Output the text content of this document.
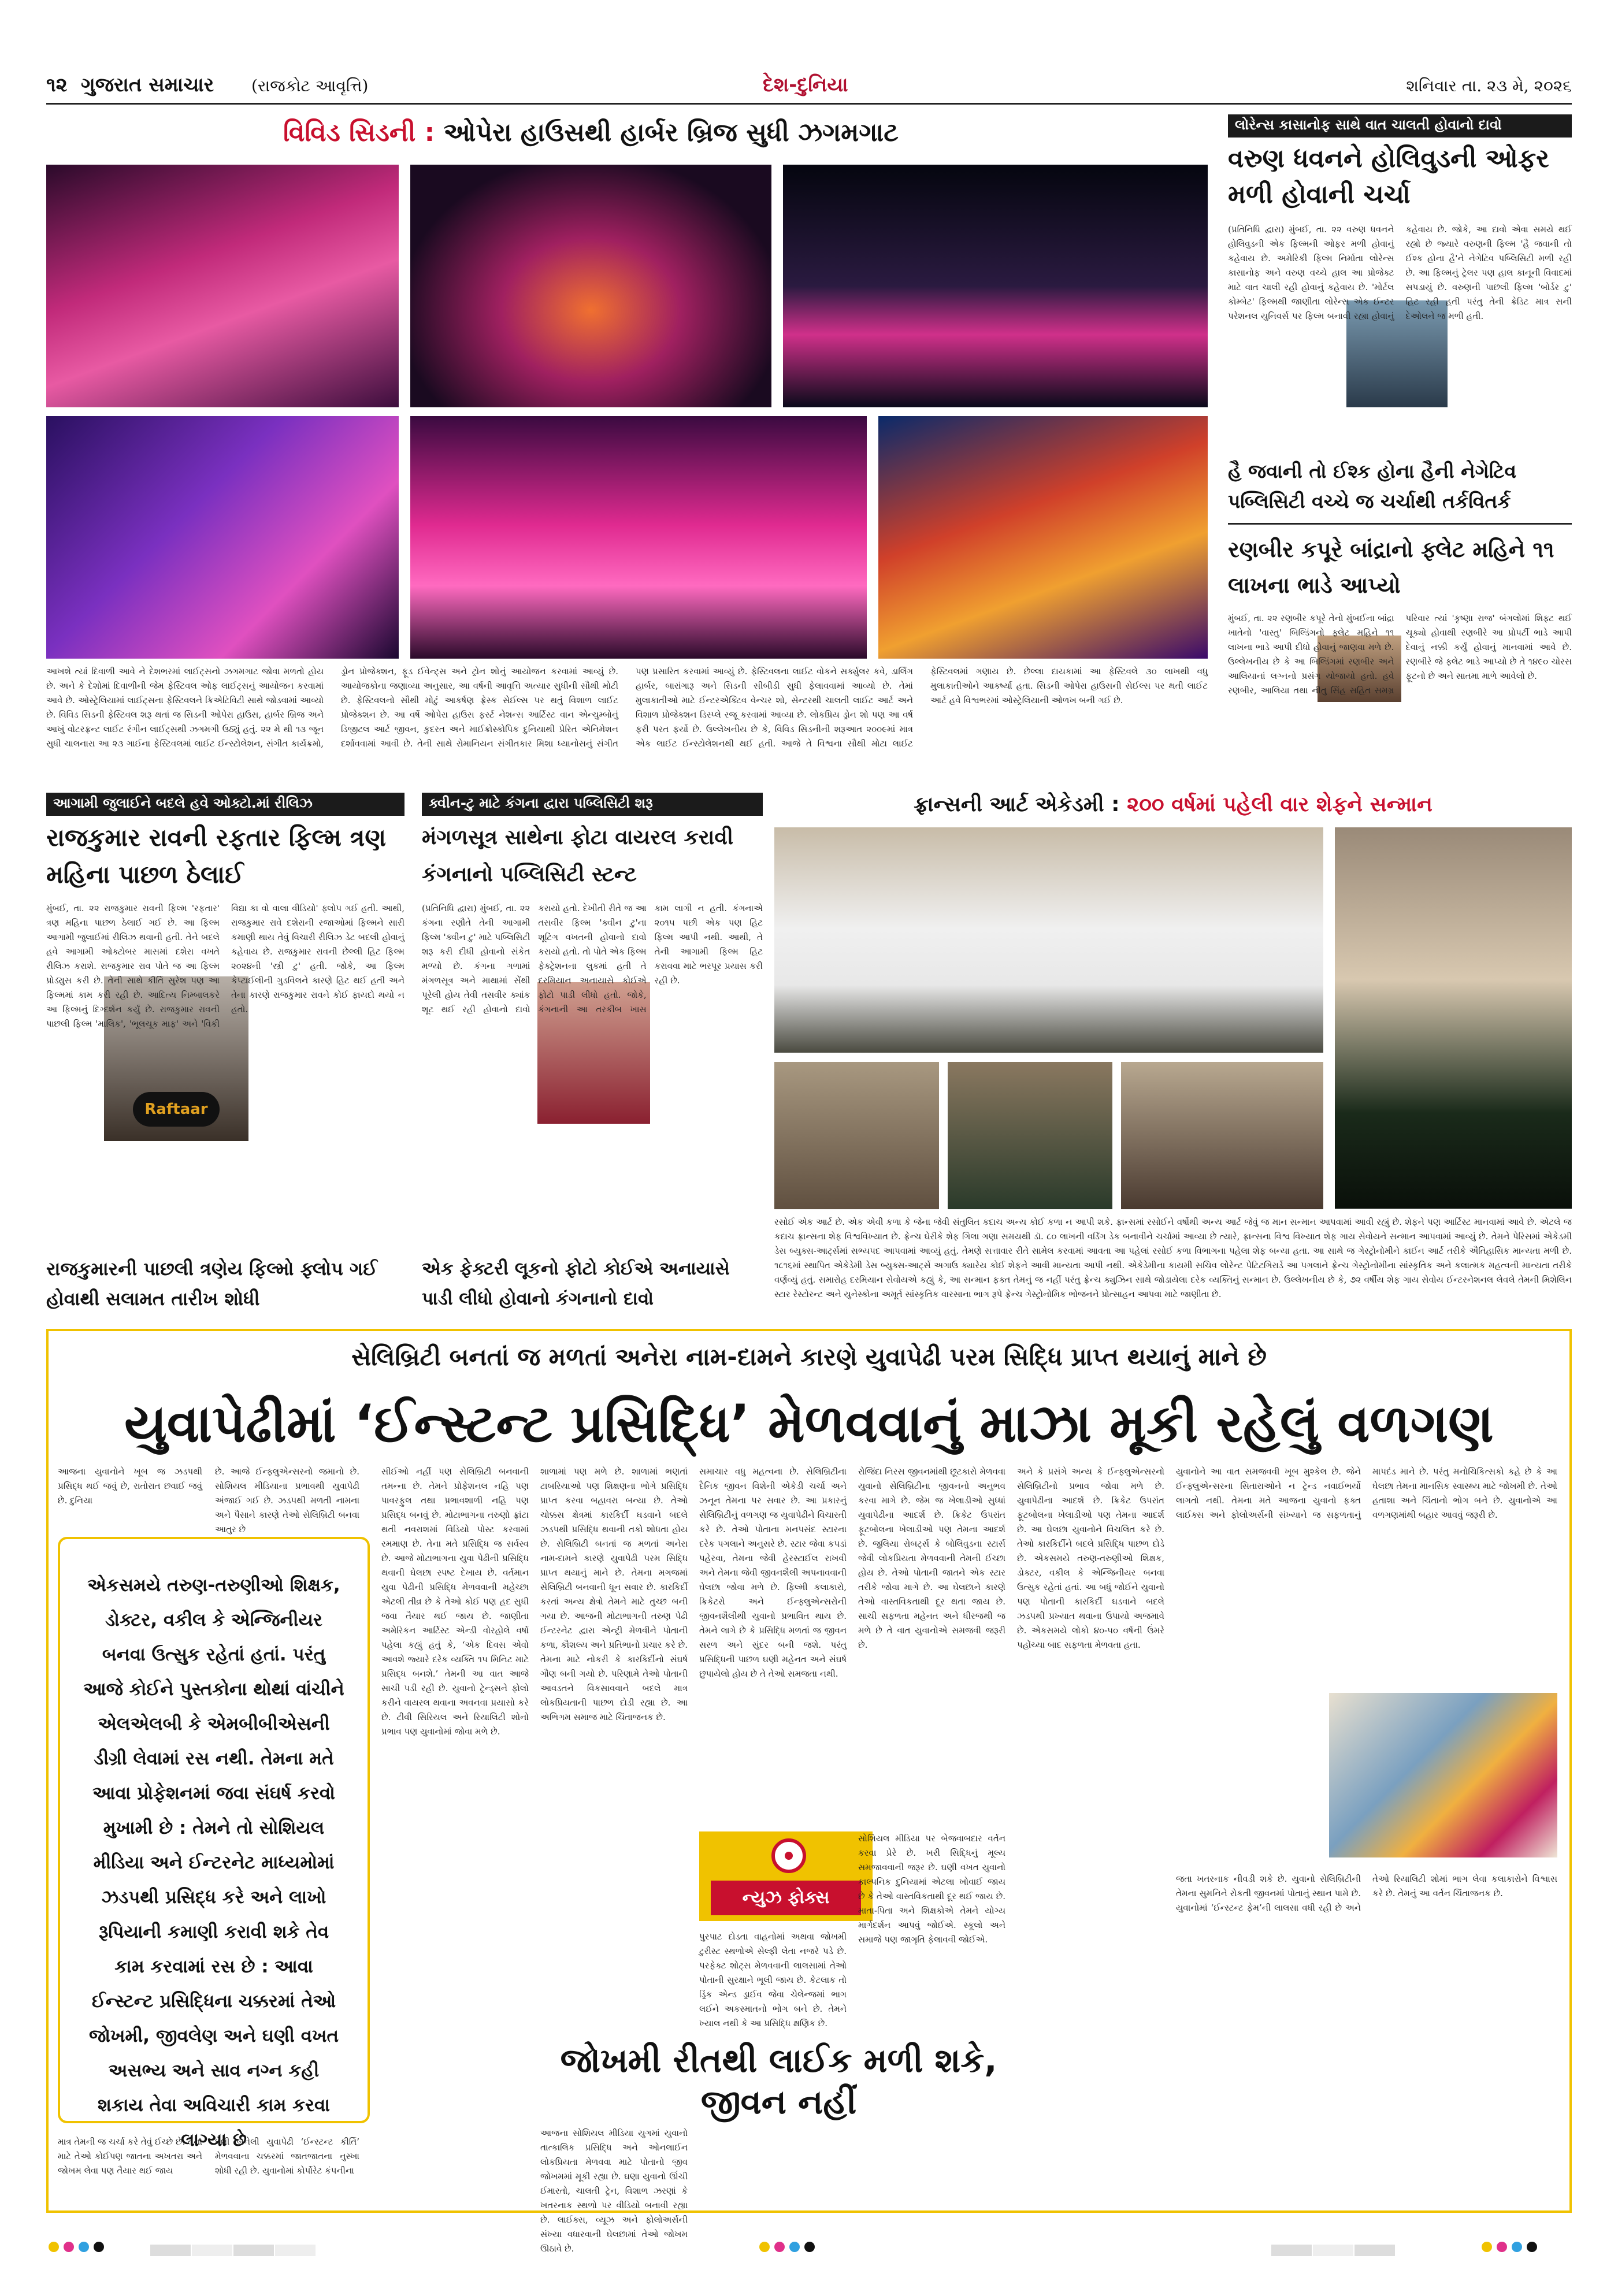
૧૨ ગુજરાત સમાચાર (રાજકોટ આવૃત્તિ)	દેશ-દુનિયા	શનિવાર તા. ૨૩ મે, ૨૦૨૬
વિવિડ સિડની : ઓપેરા હાઉસથી હાર્બર બ્રિજ સુધી ઝગમગાટ
આખશે ત્યાં દિવાળી આવે ને દેશભરમાં લાઈટ્સનો ઝગમગાટ જોવા મળતો હોય છે. અને કે દેશોમાં દિવાળીની જેમ ફેસ્ટિવલ ઓફ લાઈટ્સનું આયોજન કરવામાં આવે છે. ઓસ્ટ્રેલિયામાં લાઈટ્સના ફેસ્ટિવલને ક્રિએટિવિટી સાથે જોડવામાં આવ્યો છે. વિવિડ સિડની ફેસ્ટિવલ શરૂ થતાં જ સિડની ઓપેરા હાઉસ, હાર્બર બ્રિજ અને આખું વોટરફ્રન્ટ લાઈટ રંગીન લાઈટ્સથી ઝગમગી ઉઠ્યું હતું. ૨૨ મે થી ૧૩ જૂન સુધી ચાલનારા આ ૨૩ ગાઈના ફેસ્ટિવલમાં લાઈટ ઈન્સ્ટોલેશન, સંગીત કાર્યક્રમો, ડ્રોન પ્રોજેક્શન, ફૂડ ઈવેન્ટ્સ અને ટ્રોન શોનું આયોજન કરવામાં આવ્યું છે. આયોજકોના જણાવ્યા અનુસાર, આ વર્ષની આવૃત્તિ અત્યાર સુધીની સૌથી મોટી છે. ફેસ્ટિવલનો સૌથી મોટું આકર્ષણ ફ્રેસ્ક સેઈલ્સ પર થતું વિશાળ લાઈટ પ્રોજેક્શન છે. આ વર્ષે ઓપેરા હાઉસ ફર્સ્ટ નેશન્સ આર્ટિસ્ટ વાન એન્ચુમ્બોનું ડિજીટલ આર્ટ જીવન, કુદરત અને માઈક્રોસ્કોપિક દુનિયાથી પ્રેરિત એનિમેશન દર્શાવવામાં આવી છે. તેની સાથે રોમાનિયન સંગીતકાર મિશા ધ્યાનોસનું સંગીત પણ પ્રસારિત કરવામાં આવ્યું છે. ફેસ્ટિવલના લાઈટ વોકને સર્ક્યુલર કવે, ડાર્લિંગ હાર્બર, બારાંગારૂ અને સિડની સીબીડી સુધી ફેલાવવામાં આવ્યો છે. તેમાં મુલાકાતીઓ માટે ઈન્ટરએક્ટિવ વેન્ચર શો, સેન્ટરથી ચાલતી લાઈટ આર્ટ અને વિશાળ પ્રોજેક્શન ડિસ્પ્લે રજૂ કરવામાં આવ્યા છે. લોકપ્રિય ડ્રોન શો પણ આ વર્ષ ફરી પરત ફર્યો છે. ઉલ્લેખનીય છે કે, વિવિડ સિડનીની શરૂઆત ૨૦૦૯માં માત્ર એક લાઈટ ઈન્સ્ટોલેશનથી થઈ હતી. આજે તે વિશ્વના સૌથી મોટા લાઈટ ફેસ્ટિવલમાં ગણાય છે. છેલ્લા દાયકામાં આ ફેસ્ટિવલે ૩૦ લાખથી વધુ મુલાકાતીઓને આકર્ષ્યા હતા. સિડની ઓપેરા હાઉસની સેઈલ્સ પર થતી લાઈટ આર્ટ હવે વિશ્વભરમાં ઓસ્ટ્રેલિયાની ઓળખ બની ગઈ છે.
લોરેન્સ કાસાનોફ સાથે વાત ચાલતી હોવાનો દાવો
વરુણ ધવનને હોલિવુડની ઓફર મળી હોવાની ચર્ચા
(પ્રતિનિધિ દ્વારા) મુંબઈ, તા. ૨૨ વરુણ ધવનને હોલિવુડની એક ફિલ્મની ઓફર મળી હોવાનું કહેવાય છે. અમેરિકી ફિલ્મ નિર્માતા લોરેન્સ કાસાનોફ અને વરુણ વચ્ચે હાલ આ પ્રોજેક્ટ માટે વાત ચાલી રહી હોવાનું કહેવાય છે. 'મોર્ટલ કોમ્બેટ' ફિલ્મથી જાણીતા લોરેન્સ એક ઈન્ટર પરેશનલ યુનિવર્સ પર ફિલ્મ બનાવી રહ્યા હોવાનું કહેવાય છે. જોકે, આ દાવો એવા સમયે થઈ રહ્યો છે જ્યારે વરુણની ફિલ્મ 'હૈ જવાની તો ઈશ્ક હોના હૈ'ને નેગેટિવ પબ્લિસિટી મળી રહી છે. આ ફિલ્મનું ટ્રેલર પણ હાલ કાનૂની વિવાદમાં સપડાયું છે. વરુણની પાછલી ફિલ્મ 'બોર્ડર ટુ' હિટ રહી હતી પરંતુ તેની ક્રેડિટ માત્ર સની દેઓલને જ મળી હતી.
હૈ જવાની તો ઈશ્ક હોના હૈની નેગેટિવ પબ્લિસિટી વચ્ચે જ ચર્ચાથી તર્કવિતર્ક
રણબીર કપૂરે બાંદ્રાનો ફ્લેટ મહિને ૧૧ લાખના ભાડે આપ્યો
મુંબઈ, તા. ૨૨ રણબીર કપૂરે તેનો મુંબઈના બાંદ્રા ખાતેનો 'વાસ્તુ' બિલ્ડિંગનો ફ્લેટ મહિને ૧૧ લાખના ભાડે આપી દીધો હોવાનું જાણવા મળે છે. ઉલ્લેખનીય છે કે આ બિલ્ડિંગમાં રણબીર અને આલિયાનાં લગ્નનો પ્રસંગ યોજાયો હતો. હવે રણબીર, આલિયા તથા નીતુ સિંહ સહિત સમગ્ર પરિવાર ત્યાં 'કૃષ્ણા રાજ' બંગલોમાં શિફ્ટ થઈ ચૂક્યો હોવાથી રણબીરે આ પ્રોપર્ટી ભાડે આપી દેવાનું નક્કી કર્યું હોવાનું માનવામાં આવે છે. રણબીરે જે ફ્લેટ ભાડે આપ્યો છે તે ૧૪૯૦ ચોરસ ફૂટનો છે અને સાતમા માળે આવેલો છે.
આગામી જુલાઈને બદલે હવે ઓક્ટો.માં રીલિઝ
રાજકુમાર રાવની રફતાર ફિલ્મ ત્રણ મહિના પાછળ ઠેલાઈ
Raftaar
મુંબઈ, તા. ૨૨ રાજકુમાર રાવની ફિલ્મ 'રફતાર' ત્રણ મહિના પાછળ ઠેલાઈ ગઈ છે. આ ફિલ્મ આગામી જુલાઈમાં રીલિઝ થવાની હતી. તેને બદલે હવે આગામી ઓક્ટોબર માસમાં દશેરા વખતે રીલિઝ કરાશે. રાજકુમાર રાવ પોતે જ આ ફિલ્મ પ્રોડ્યુસ કરી છે. તેની સાથે કીર્તિ સુરેશ પણ આ ફિલ્મમાં કામ કરી રહી છે. આદિત્ય નિમ્બાલકરે આ ફિલ્મનું દિગ્દર્શન કર્યું છે. રાજકુમાર રાવની પાછલી ફિલ્મ 'માલિક', 'ભૂલચૂક માફ' અને 'વિકી વિદ્યા કા વો વાલા વીડિયો' ફ્લોપ ગઈ હતી. આથી, રાજકુમાર રાવે દશેરાની રજાઓમાં ફિલ્મને સારી કમાણી થાય તેવું વિચારી રીલિઝ ડેટ બદલી હોવાનું કહેવાય છે. રાજકુમાર રાવની છેલ્લી હિટ ફિલ્મ ૨૦૨૪ની 'સ્ત્રી ટુ' હતી. જોકે, આ ફિલ્મ કેપ્ટાઈલીની ગુડવિલને કારણે હિટ થઈ હતી અને તેના કારણે રાજકુમાર રાવને કોઈ ફાયદો થયો ન હતો.
રાજકુમારની પાછલી ત્રણેય ફિલ્મો ફ્લોપ ગઈ હોવાથી સલામત તારીખ શોધી
ક્વીન-ટુ માટે કંગના દ્વારા પબ્લિસિટી શરૂ
મંગળસૂત્ર સાથેના ફોટા વાયરલ કરાવી કંગનાનો પબ્લિસિટી સ્ટન્ટ
(પ્રતિનિધિ દ્વારા) મુંબઈ, તા. ૨૨ કંગના રણૌતે તેની આગામી ફિલ્મ 'ક્વીન ટુ' માટે પબ્લિસિટી શરૂ કરી દીધી હોવાનો સંકેત મળ્યો છે. કંગના ગળામાં મંગળસૂત્ર અને માથામાં સેંથી પૂરેલી હોય તેવી તસવીર ક્યાંક શૂટ થઈ રહી હોવાનો દાવો કરાયો હતો. દેખીતી રીતે જ આ તસવીર ફિલ્મ 'ક્વીન ટુ'ના શૂટિંગ વખતની હોવાનો દાવો કરાયો હતો. તો પોતે એક ફિલ્મ ફેક્ટ્રેશનના લુકમાં હતી તે દરમિયાન અનાયાસે કોઈએ ફોટો પાડી લીધો હતો. જોકે, કંગનાની આ તરકીબ ખાસ કામ લાગી ન હતી. કંગનાએ ૨૦૧૫ પછી એક પણ હિટ ફિલ્મ આપી નથી. આથી, તે તેની આગામી ફિલ્મ હિટ કરાવવા માટે ભરપૂર પ્રયાસ કરી રહી છે.
એક ફેક્ટરી લૂકનો ફોટો કોઈએ અનાયાસે પાડી લીધો હોવાનો કંગનાનો દાવો
ફ્રાન્સની આર્ટ એકેડમી : ૨૦૦ વર્ષમાં પહેલી વાર શેફને સન્માન
રસોઈ એક આર્ટ છે. એક એવી કળા કે જેના જેવી સંતુલિત કદાચ અન્ય કોઈ કળા ન આપી શકે. ફ્રાન્સમાં રસોઈને વર્ષોથી અન્ય આર્ટ જેવું જ માન સન્માન આપવામાં આવી રહ્યું છે. શેફને પણ આર્ટિસ્ટ માનવામાં આવે છે. એટલે જ કદાચ ફ્રાન્સના શેફ વિશ્વવિખ્યાત છે. ફ્રેન્ચ ઘેરીકે શેફ ગિલા ગણા સમયથી ડૉ. ૮૦ લાખની વર્ડિંગ ડેક બનાવીને ચર્ચામાં આવ્યા છે ત્યારે, ફ્રાન્સના વિશ્વ વિખ્યાત શેફ ગાય સેવોયને સન્માન આપવામાં આવ્યું છે. તેમને પેરિસમાં એકેડમી ડેસ બ્યુક્સ-આર્ટ્સમાં સભ્યપદ આપવામાં આવ્યું હતું. તેમણે સત્તાવાર રીતે સામેલ કરવામાં આવતા આ પહેલાં રસોઈ કળા વિભાગના પહેલા શેફ બન્યા હતા. આ સાથે જ ગેસ્ટ્રોનોમીને કાઈન આર્ટ તરીકે ઐતિહાસિક માન્યતા મળી છે. ૧૮૧૬માં સ્થાપિત એકેડેમી ડેસ બ્યુક્સ-આર્ટ્સે અગાઉ ક્યારેય કોઈ શેફને આવી માન્યતા આપી નથી. એકેડેમીના કાયમી સચિવ લોરેન્ટ પેટિટગિરાર્ડે આ પગલાને ફ્રેન્ચ ગેસ્ટ્રોનોમીના સાંસ્કૃતિક અને કલાત્મક મહત્વની માન્યતા તરીકે વર્ણવ્યું હતું. સમારોહ દરમિયાન સેવોયએ કહ્યું કે, આ સન્માન ફક્ત તેમનું જ નહીં પરંતુ ફ્રેન્ચ ક્યુઝિન સાથે જોડાયેલા દરેક વ્યક્તિનું સન્માન છે. ઉલ્લેખનીય છે કે, ૭૨ વર્ષીય શેફ ગાય સેવોય ઈન્ટરનેશનલ લેવલે તેમની મિશેલિન સ્ટાર રેસ્ટોરન્ટ અને યુનેસ્કોના અમૂર્ત સાંસ્કૃતિક વારસાના ભાગ રૂપે ફ્રેન્ચ ગેસ્ટ્રોનોમિક ભોજનને પ્રોત્સાહન આપવા માટે જાણીતા છે.
સેલિબ્રિટી બનતાં જ મળતાં અનેરા નામ-દામને કારણે યુવાપેઢી પરમ સિદ્ધિ પ્રાપ્ત થયાનું માને છે
યુવાપેઢીમાં ‘ઈન્સ્ટન્ટ પ્રસિદ્ધિ’ મેળવવાનું માઝા મૂકી રહેલું વળગણ
આજના યુવાનોને ખૂબ જ ઝડપથી પ્રસિદ્ધ થઈ જવું છે, રાતોરાત છવાઈ જવું છે. દુનિયા
છે. આજે ઈન્ફ્લુએન્સરનો જમાનો છે. સોશિયલ મીડિયાના પ્રભાવથી યુવાપેઢી અંજાઈ ગઈ છે. ઝડપથી મળતી નામના અને પૈસાને કારણે તેઓ સેલિબ્રિટી બનવા આતુર છે
એકસમયે તરુણ-તરુણીઓ શિક્ષક, ડોક્ટર, વકીલ કે એન્જિનીયર બનવા ઉત્સુક રહેતાં હતાં. પરંતુ આજે કોઈને પુસ્તકોના થોથાં વાંચીને એલએલબી કે એમબીબીએસની ડીગ્રી લેવામાં રસ નથી. તેમના મતે આવા પ્રોફેશનમાં જવા સંઘર્ષ કરવો મુખામી છે : તેમને તો સોશિયલ મીડિયા અને ઈન્ટરનેટ માધ્યમોમાં ઝડપથી પ્રસિદ્ધ કરે અને લાખો રૂપિયાની કમાણી કરાવી શકે તેવ કામ કરવામાં રસ છે : આવા ઈન્સ્ટન્ટ પ્રસિદ્ધિના ચક્કરમાં તેઓ જોખમી, જીવલેણ અને ઘણી વખત અસભ્ય અને સાવ નગ્ન કહી શકાય તેવા અવિચારી કામ કરવા લાગ્યા છે
માત્ર તેમની જ ચર્ચા કરે તેવું ઈચ્છે છે. તેના માટે તેઓ કોઈપણ જાતના અખતરા અને જોખમ લેવા પણ તૈયાર થઈ જાય
ઘેલી બનેલી યુવાપેઢી ‘ઈન્સ્ટન્ટ કીર્તિ’ મેળવવાના ચક્કરમાં જાતજાતના નુસ્ખા શોધી રહી છે. યુવાનોમાં કોર્પોરેટ કંપનીના
સીઈઓ નહીં પણ સેલિબ્રિટી બનવાની તમન્ના છે. તેમને પ્રોફેશનલ નહિ પણ પાવરફુલ તથા પ્રભાવશાળી નહિ પણ પ્રસિદ્ધ બનવું છે. મોટાભાગના તરુણો ફ્રાંટા થતી નવરાશમાં વિડિયો પોસ્ટ કરવામાં રમમાણ છે. તેના મતે પ્રસિદ્ધિ જ સર્વસ્વ છે. આજે મોટાભાગના યુવા પેઢીની પ્રસિદ્ધિ થવાની ઘેલછા સ્પષ્ટ દેખાય છે. વર્તમાન યુવા પેઢીની પ્રસિદ્ધિ મેળવવાની મહેચ્છા એટલી તીવ્ર છે કે તેઓ કોઈ પણ હદ સુધી જવા તૈયાર થઈ જાય છે. જાણીતા અમેરિકન આર્ટિસ્ટ એન્ડી વોરહોલે વર્ષો પહેલા કહ્યું હતું કે, ‘એક દિવસ એવો આવશે જ્યારે દરેક વ્યક્તિ ૧૫ મિનિટ માટે પ્રસિદ્ધ બનશે.’ તેમની આ વાત આજે સાચી પડી રહી છે. યુવાનો ટ્રેન્ડ્સને ફોલો કરીને વાયરલ થવાના અવનવા પ્રયાસો કરે છે. ટીવી સિરિયલ અને રિયાલિટી શોનો પ્રભાવ પણ યુવાનોમાં જોવા મળે છે.
શાળામાં પણ મળે છે. શાળામાં ભણતાં ટાબરિયાઓ પણ શિક્ષણના ભોગે પ્રસિદ્ધિ પ્રાપ્ત કરવા બહાવરા બન્યા છે. તેઓ ચોક્કસ ક્ષેત્રમાં કારકિર્દી ઘડવાને બદલે ઝડપથી પ્રસિદ્ધિ થવાની તકો શોધતા હોય છે. સેલિબ્રિટી બનતાં જ મળતાં અનેરા નામ-દામને કારણે યુવાપેઢી પરમ સિદ્ધિ પ્રાપ્ત થયાનું માને છે. તેમના મગજમાં સેલિબ્રિટી બનવાની ધૂન સવાર છે. કારકિર્દી કરતાં અન્ય ક્ષેત્રો તેમને માટે તુચ્છ બની ગયા છે. આજની મોટાભાગની તરુણ પેઢી ઈન્ટરનેટ દ્વારા એન્ટ્રી મેળવીને પોતાની કળા, કૌશલ્ય અને પ્રતિભાનો પ્રચાર કરે છે. તેમના માટે નોકરી કે કારકિર્દીનો સંઘર્ષ ગૌણ બની ગયો છે. પરિણામે તેઓ પોતાની આવડતને વિકસાવવાને બદલે માત્ર લોકપ્રિયતાની પાછળ દોડી રહ્યા છે. આ અભિગમ સમાજ માટે ચિંતાજનક છે.
સમાચાર વધુ મહત્વના છે. સેલિબ્રિટીના દૈનિક જીવન વિશેની એકેડી ચર્ચા અને ઝનૂન તેમના પર સવાર છે. આ પ્રકારનું સેલિબ્રિટીનું વળગણ જ યુવાપેઢીને વિચારતી કરે છે. તેઓ પોતાના મનપસંદ સ્ટારના દરેક પગલાને અનુસરે છે. સ્ટાર જેવા કપડાં પહેરવા, તેમના જેવી હેરસ્ટાઈલ રાખવી અને તેમના જેવી જીવનશૈલી અપનાવવાની ઘેલછા જોવા મળે છે. ફિલ્મી કલાકારો, ક્રિકેટરો અને ઈન્ફ્લુએન્સરોની જીવનશૈલીથી યુવાનો પ્રભાવિત થાય છે. તેમને લાગે છે કે પ્રસિદ્ધિ મળતાં જ જીવન સરળ અને સુંદર બની જશે. પરંતુ પ્રસિદ્ધિની પાછળ ઘણી મહેનત અને સંઘર્ષ છુપાયેલો હોય છે તે તેઓ સમજતા નથી.
રોજિંદા નિરસ જીવનમાંથી છૂટકારો મેળવવા યુવાનો સેલિબ્રિટીના જીવનનો અનુભવ કરવા માગે છે. જેમ જ ખેલાડીઓ સુધ્ધાં યુવાપેઢીના આદર્શ છે. ક્રિકેટ ઉપરાંત ફૂટબોલના ખેલાડીઓ પણ તેમના આદર્શ છે. જુલિયા રોબર્ટ્સ કે બોલિવુડના સ્ટાર્સ જેવી લોકપ્રિયતા મેળવવાની તેમની ઈચ્છા હોય છે. તેઓ પોતાની જાતને એક સ્ટાર તરીકે જોવા માગે છે. આ ઘેલછાને કારણે તેઓ વાસ્તવિકતાથી દૂર થતા જાય છે. સાચી સફળતા મહેનત અને ધીરજથી જ મળે છે તે વાત યુવાનોએ સમજવી જરૂરી છે.
અને કે પ્રસંગે અન્ય કે ઈન્ફ્લુએન્સરનો સેલિબ્રિટીનો પ્રભાવ જોવા મળે છે. યુવાપેઢીના આદર્શ છે. ક્રિકેટ ઉપરાંત ફૂટબોલના ખેલાડીઓ પણ તેમના આદર્શ છે. આ ઘેલછા યુવાનોને વિચલિત કરે છે. તેઓ કારકિર્દીને બદલે પ્રસિદ્ધિ પાછળ દોડે છે. એકસમયે તરુણ-તરુણીઓ શિક્ષક, ડોક્ટર, વકીલ કે એન્જિનીયર બનવા ઉત્સુક રહેતાં હતાં. આ બધું જોઈને યુવાનો પણ પોતાની કારકિર્દી ઘડવાને બદલે ઝડપથી પ્રખ્યાત થવાના ઉપાયો અજમાવે છે. એકસમયે લોકો ૪૦-૫૦ વર્ષની ઉંમરે પહોંચ્યા બાદ સફળતા મેળવતા હતા.
યુવાનોને આ વાત સમજવવી ખૂબ મુશ્કેલ છે. જેને ઈન્ફ્લુએન્સરના સિતારાઓને ન ટ્રેન્ડ નવાઈભર્યો લાગતો નથી. તેમના મતે આજના યુવાનો ફક્ત લાઈક્સ અને ફોલોઅર્સની સંખ્યાને જ સફળતાનું માપદંડ માને છે. પરંતુ મનોચિકિત્સકો કહે છે કે આ ઘેલછા તેમના માનસિક સ્વાસ્થ્ય માટે જોખમી છે. તેઓ હતાશા અને ચિંતાનો ભોગ બને છે. યુવાનોએ આ વળગણમાંથી બહાર આવવું જરૂરી છે.
જતા ખતરનાક નીવડી શકે છે. યુવાનો સેલિબ્રિટીની તેમના સુમનિને રોકતી જીવનમાં પોતાનું સ્થાન પામે છે. યુવાનોમાં ‘ઈન્સ્ટન્ટ ફેમ’ની લાલસા વધી રહી છે અને તેઓ રિયાલિટી શોમાં ભાગ લેવા કલાકારોને વિશ્વાસ કરે છે. તેમનું આ વર્તન ચિંતાજનક છે.
ન્યુઝ ફોક્સ
જોખમી રીતથી લાઈક મળી શકે, જીવન નહીં
આજના સોશિયલ મીડિયા યુગમાં યુવાનો તાત્કાલિક પ્રસિદ્ધિ અને ઓનલાઈન લોકપ્રિયતા મેળવવા માટે પોતાનો જીવ જોખમમાં મૂકી રહ્યા છે. ઘણા યુવાનો ઊંચી ઈમારતો, ચાલતી ટ્રેન, વિશાળ ઝરણાં કે ખતરનાક સ્થળો પર વીડિયો બનાવી રહ્યા છે. લાઈક્સ, વ્યૂઝ અને ફોલોઅર્સની સંખ્યા વધારવાની ઘેલછામાં તેઓ જોખમ ઊઠાવે છે.
પુરપાટ દોડતા વાહનોમાં અથવા જોખમી ટુરીસ્ટ સ્થળોએ સેલ્ફી લેતા નજરે પડે છે. પરફેક્ટ શોટ્સ મેળવવાની લાલસામાં તેઓ પોતાની સુરક્ષાને ભૂલી જાય છે. કેટલાક તો ડ્રિંક એન્ડ ડ્રાઈવ જેવા ચેલેન્જમાં ભાગ લઈને અકસ્માતનો ભોગ બને છે. તેમને ખ્યાલ નથી કે આ પ્રસિદ્ધિ ક્ષણિક છે.
સોશિયલ મીડિયા પર બેજવાબદાર વર્તન કરવા પ્રેરે છે. ખરી સિદ્ધિનું મૂલ્ય સમજાવવાની જરૂર છે. ઘણી વખત યુવાનો કાલ્પનિક દુનિયામાં એટલા ખોવાઈ જાય છે કે તેઓ વાસ્તવિકતાથી દૂર થઈ જાય છે. માતા-પિતા અને શિક્ષકોએ તેમને યોગ્ય માર્ગદર્શન આપવું જોઈએ. સ્કૂલો અને સમાજે પણ જાગૃતિ ફેલાવવી જોઈએ.
